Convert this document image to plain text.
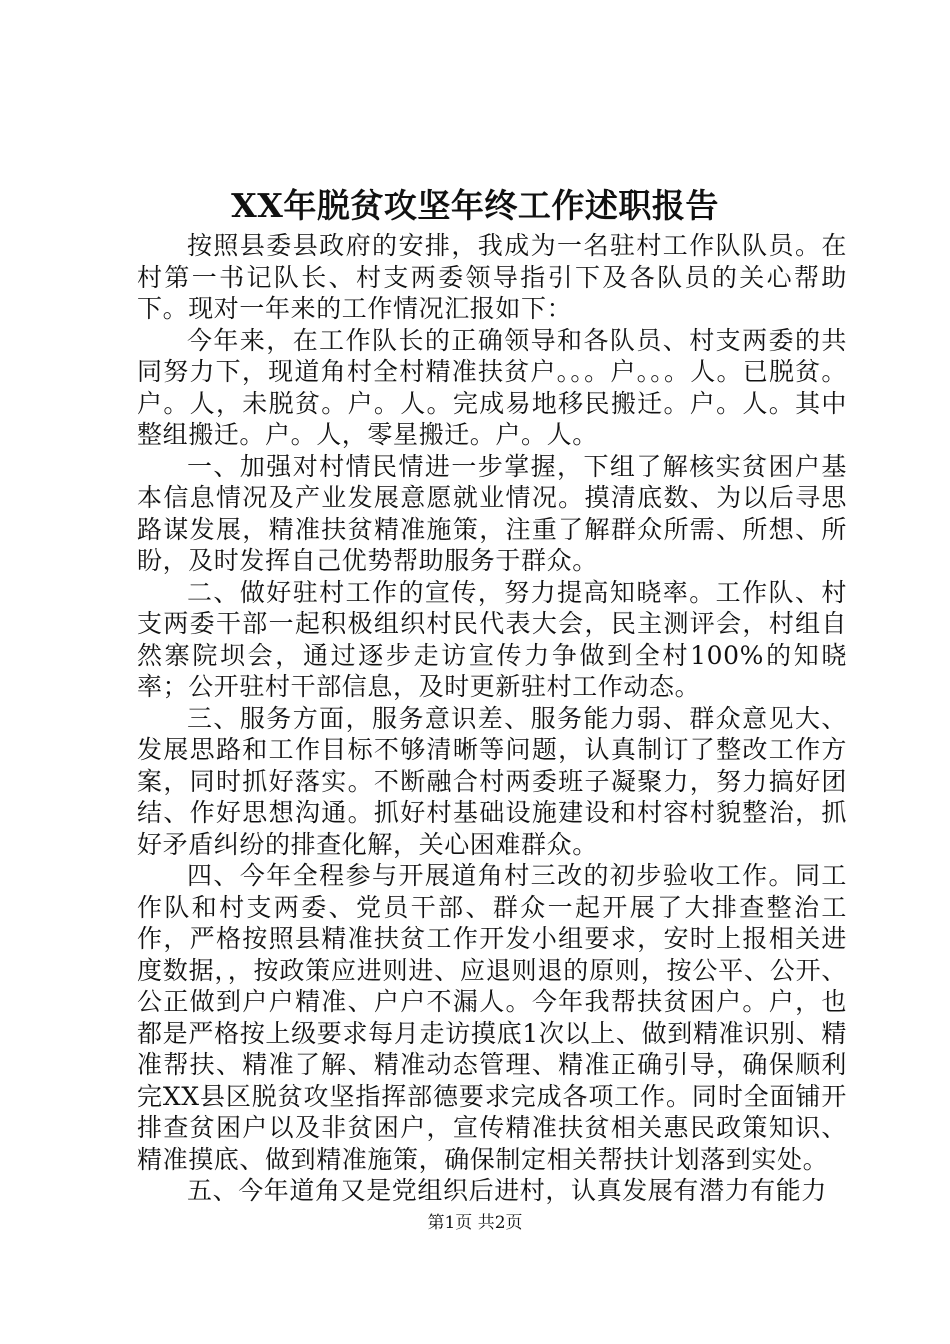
XX年脱贫攻坚年终工作述职报告

按照县委县政府的安排，我成为一名驻村工作队队员。在村第一书记队长、村支两委领导指引下及各队员的关心帮助下。现对一年来的工作情况汇报如下：

今年来，在工作队长的正确领导和各队员、村支两委的共同努力下，现道角村全村精准扶贫户。。。户。。。人。已脱贫。户。人，未脱贫。户。人。完成易地移民搬迁。户。人。其中整组搬迁。户。人，零星搬迁。户。人。

一、加强对村情民情进一步掌握，下组了解核实贫困户基本信息情况及产业发展意愿就业情况。摸清底数、为以后寻思路谋发展，精准扶贫精准施策，注重了解群众所需、所想、所盼，及时发挥自己优势帮助服务于群众。

二、做好驻村工作的宣传，努力提高知晓率。工作队、村支两委干部一起积极组织村民代表大会，民主测评会，村组自然寨院坝会，通过逐步走访宣传力争做到全村100%的知晓率；公开驻村干部信息，及时更新驻村工作动态。

三、服务方面，服务意识差、服务能力弱、群众意见大、发展思路和工作目标不够清晰等问题，认真制订了整改工作方案，同时抓好落实。不断融合村两委班子凝聚力，努力搞好团结、作好思想沟通。抓好村基础设施建设和村容村貌整治，抓好矛盾纠纷的排查化解，关心困难群众。

四、今年全程参与开展道角村三改的初步验收工作。同工作队和村支两委、党员干部、群众一起开展了大排查整治工作，严格按照县精准扶贫工作开发小组要求，安时上报相关进度数据，，按政策应进则进、应退则退的原则，按公平、公开、公正做到户户精准、户户不漏人。今年我帮扶贫困户。户，也都是严格按上级要求每月走访摸底1次以上、做到精准识别、精准帮扶、精准了解、精准动态管理、精准正确引导，确保顺利完XX县区脱贫攻坚指挥部德要求完成各项工作。同时全面铺开排查贫困户以及非贫困户，宣传精准扶贫相关惠民政策知识、精准摸底、做到精准施策，确保制定相关帮扶计划落到实处。

五、今年道角又是党组织后进村，认真发展有潜力有能力

第1页 共2页
